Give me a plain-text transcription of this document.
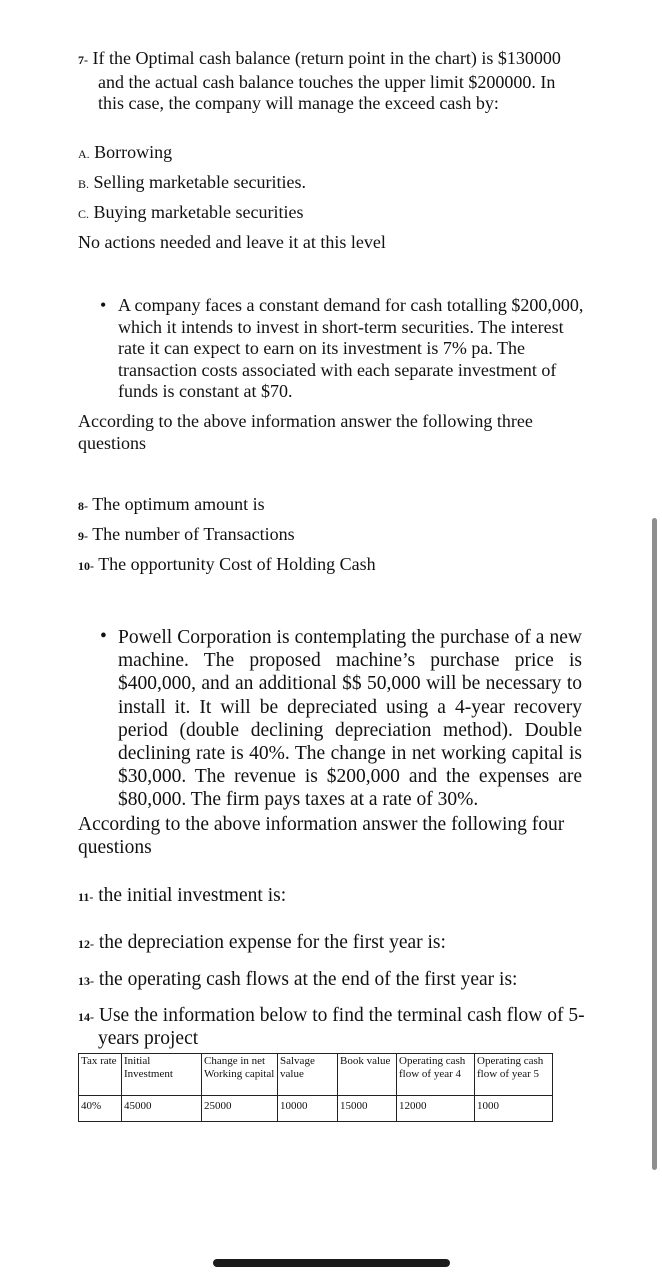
7- If the Optimal cash balance (return point in the chart) is $130000 and the actual cash balance touches the upper limit $200000. In this case, the company will manage the exceed cash by:
A. Borrowing
B. Selling marketable securities.
C. Buying marketable securities
No actions needed and leave it at this level
• A company faces a constant demand for cash totalling $200,000, which it intends to invest in short-term securities. The interest rate it can expect to earn on its investment is 7% pa. The transaction costs associated with each separate investment of funds is constant at $70.
According to the above information answer the following three questions
8- The optimum amount is
9- The number of Transactions
10- The opportunity Cost of Holding Cash
• Powell Corporation is contemplating the purchase of a new machine. The proposed machine’s purchase price is $400,000, and an additional $$ 50,000 will be necessary to install it. It will be depreciated using a 4-year recovery period (double declining depreciation method). Double declining rate is 40%. The change in net working capital is $30,000. The revenue is $200,000 and the expenses are $80,000. The firm pays taxes at a rate of 30%.
According to the above information answer the following four questions
11- the initial investment is:
12- the depreciation expense for the first year is:
13- the operating cash flows at the end of the first year is:
14- Use the information below to find the terminal cash flow of 5-years project
Tax rate	Initial Investment	Change in net Working capital	Salvage value	Book value	Operating cash flow of year 4	Operating cash flow of year 5
40%	45000	25000	10000	15000	12000	1000
